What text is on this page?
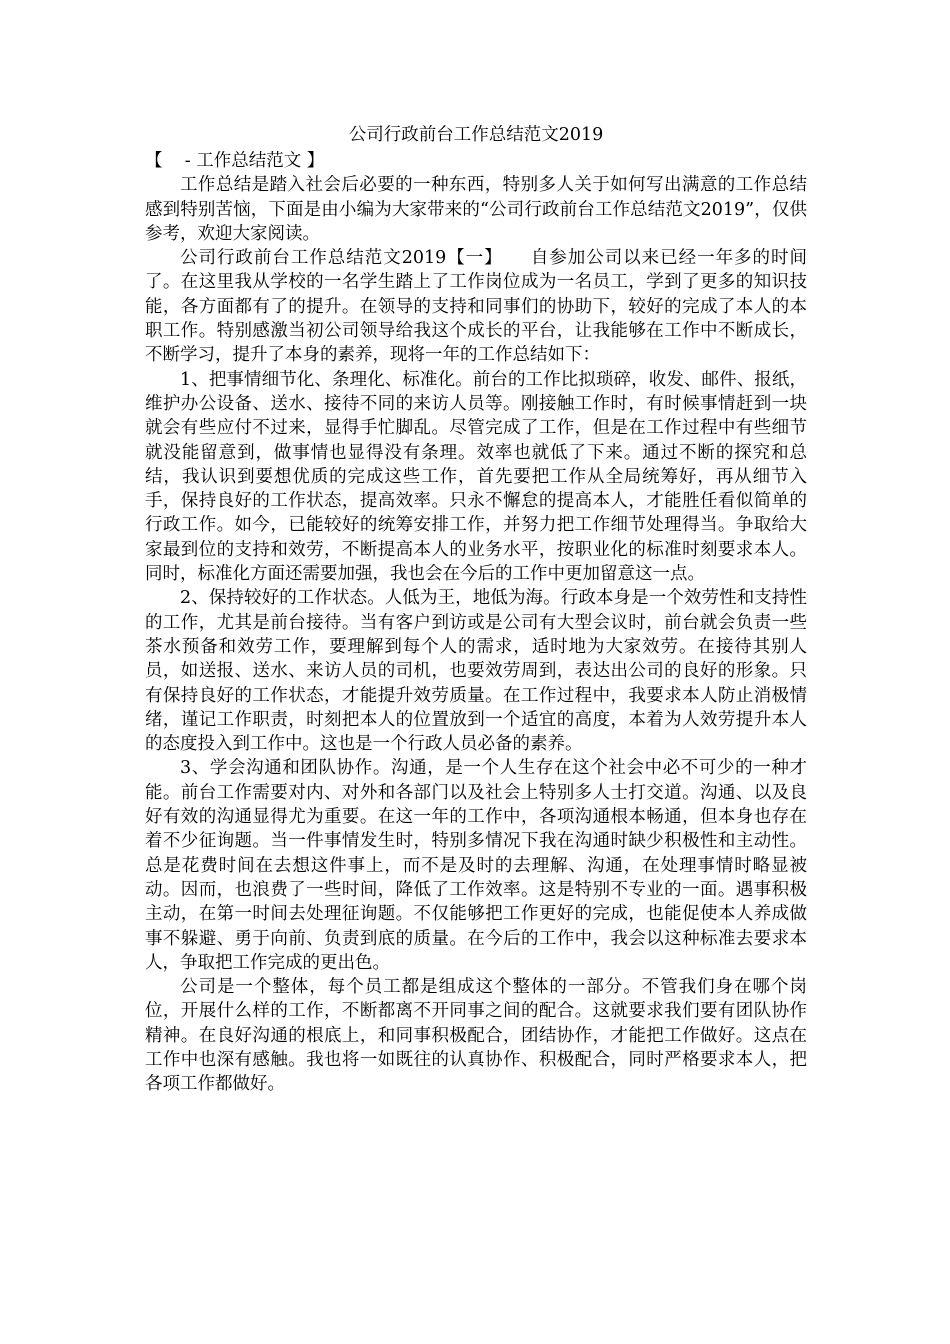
公司行政前台工作总结范文2019

【    - 工作总结范文 】

工作总结是踏入社会后必要的一种东西，特别多人关于如何写出满意的工作总结感到特别苦恼，下面是由小编为大家带来的“公司行政前台工作总结范文2019”，仅供参考，欢迎大家阅读。

公司行政前台工作总结范文2019【一】　　自参加公司以来已经一年多的时间了。在这里我从学校的一名学生踏上了工作岗位成为一名员工，学到了更多的知识技能，各方面都有了的提升。在领导的支持和同事们的协助下，较好的完成了本人的本职工作。特别感激当初公司领导给我这个成长的平台，让我能够在工作中不断成长，不断学习，提升了本身的素养，现将一年的工作总结如下：

1、把事情细节化、条理化、标准化。前台的工作比拟琐碎，收发、邮件、报纸，维护办公设备、送水、接待不同的来访人员等。刚接触工作时，有时候事情赶到一块就会有些应付不过来，显得手忙脚乱。尽管完成了工作，但是在工作过程中有些细节就没能留意到，做事情也显得没有条理。效率也就低了下来。通过不断的探究和总结，我认识到要想优质的完成这些工作，首先要把工作从全局统筹好，再从细节入手，保持良好的工作状态，提高效率。只永不懈怠的提高本人，才能胜任看似简单的行政工作。如今，已能较好的统筹安排工作，并努力把工作细节处理得当。争取给大家最到位的支持和效劳，不断提高本人的业务水平，按职业化的标准时刻要求本人。同时，标准化方面还需要加强，我也会在今后的工作中更加留意这一点。

2、保持较好的工作状态。人低为王，地低为海。行政本身是一个效劳性和支持性的工作，尤其是前台接待。当有客户到访或是公司有大型会议时，前台就会负责一些茶水预备和效劳工作，要理解到每个人的需求，适时地为大家效劳。在接待其别人员，如送报、送水、来访人员的司机，也要效劳周到，表达出公司的良好的形象。只有保持良好的工作状态，才能提升效劳质量。在工作过程中，我要求本人防止消极情绪，谨记工作职责，时刻把本人的位置放到一个适宜的高度，本着为人效劳提升本人的态度投入到工作中。这也是一个行政人员必备的素养。

3、学会沟通和团队协作。沟通，是一个人生存在这个社会中必不可少的一种才能。前台工作需要对内、对外和各部门以及社会上特别多人士打交道。沟通、以及良好有效的沟通显得尤为重要。在这一年的工作中，各项沟通根本畅通，但本身也存在着不少征询题。当一件事情发生时，特别多情况下我在沟通时缺少积极性和主动性。总是花费时间在去想这件事上，而不是及时的去理解、沟通，在处理事情时略显被动。因而，也浪费了一些时间，降低了工作效率。这是特别不专业的一面。遇事积极主动，在第一时间去处理征询题。不仅能够把工作更好的完成，也能促使本人养成做事不躲避、勇于向前、负责到底的质量。在今后的工作中，我会以这种标准去要求本人，争取把工作完成的更出色。

公司是一个整体，每个员工都是组成这个整体的一部分。不管我们身在哪个岗位，开展什么样的工作，不断都离不开同事之间的配合。这就要求我们要有团队协作精神。在良好沟通的根底上，和同事积极配合，团结协作，才能把工作做好。这点在工作中也深有感触。我也将一如既往的认真协作、积极配合，同时严格要求本人，把各项工作都做好。
